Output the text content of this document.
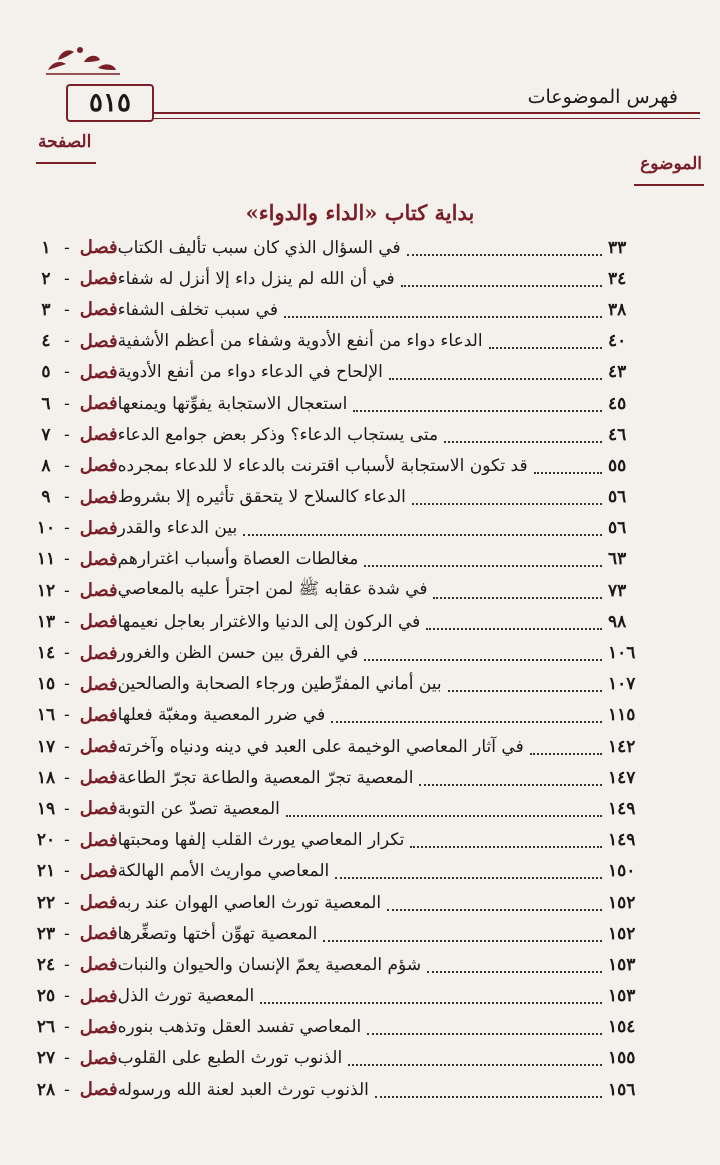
٥١٥	فهرس الموضوعات
الصفحة
الموضوع
بداية كتاب «الداء والدواء»
١ - فصل في السؤال الذي كان سبب تأليف الكتاب	٣٣
٢ - فصل في أن الله لم ينزل داء إلا أنزل له شفاء	٣٤
٣ - فصل في سبب تخلف الشفاء	٣٨
٤ - فصل الدعاء دواء من أنفع الأدوية وشفاء من أعظم الأشفية	٤٠
٥ - فصل الإلحاح في الدعاء دواء من أنفع الأدوية	٤٣
٦ - فصل استعجال الاستجابة يفوِّتها ويمنعها	٤٥
٧ - فصل متى يستجاب الدعاء؟ وذكر بعض جوامع الدعاء	٤٦
٨ - فصل قد تكون الاستجابة لأسباب اقترنت بالدعاء لا للدعاء بمجرده	٥٥
٩ - فصل الدعاء كالسلاح لا يتحقق تأثيره إلا بشروط	٥٦
١٠ - فصل بين الدعاء والقدر	٥٦
١١ - فصل مغالطات العصاة وأسباب اغترارهم	٦٣
١٢ - فصل في شدة عقابه ﷺ لمن اجترأ عليه بالمعاصي	٧٣
١٣ - فصل في الركون إلى الدنيا والاغترار بعاجل نعيمها	٩٨
١٤ - فصل في الفرق بين حسن الظن والغرور	١٠٦
١٥ - فصل بين أماني المفرِّطين ورجاء الصحابة والصالحين	١٠٧
١٦ - فصل في ضرر المعصية ومغبّة فعلها	١١٥
١٧ - فصل في آثار المعاصي الوخيمة على العبد في دينه ودنياه وآخرته	١٤٢
١٨ - فصل المعصية تجرّ المعصية والطاعة تجرّ الطاعة	١٤٧
١٩ - فصل المعصية تصدّ عن التوبة	١٤٩
٢٠ - فصل تكرار المعاصي يورث القلب إلفها ومحبتها	١٤٩
٢١ - فصل المعاصي مواريث الأمم الهالكة	١٥٠
٢٢ - فصل المعصية تورث العاصي الهوان عند ربه	١٥٢
٢٣ - فصل المعصية تهوِّن أختها وتصغِّرها	١٥٢
٢٤ - فصل شؤم المعصية يعمّ الإنسان والحيوان والنبات	١٥٣
٢٥ - فصل المعصية تورث الذل	١٥٣
٢٦ - فصل المعاصي تفسد العقل وتذهب بنوره	١٥٤
٢٧ - فصل الذنوب تورث الطبع على القلوب	١٥٥
٢٨ - فصل الذنوب تورث العبد لعنة الله ورسوله	١٥٦
